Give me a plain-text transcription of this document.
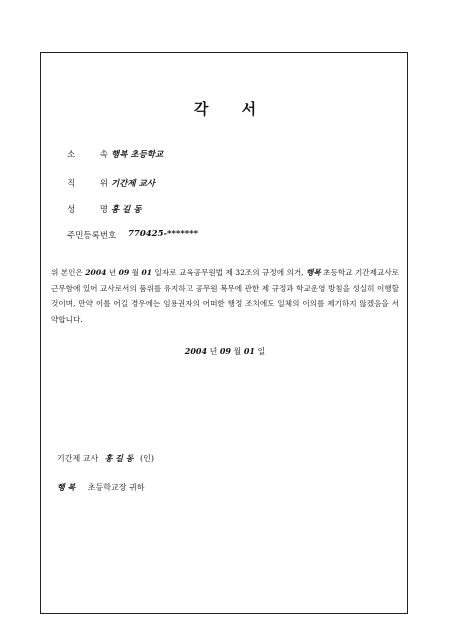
각 서
소 속 행복 초등학교
직 위 기간제 교사
성 명 홍 길 동
주민등록번호 770425-*******
위 본인은 2004 년 09 월 01 일자로 교육공무원법 제 32조의 규정에 의거, 행복 초등학교 기간제교사로 근무함에 있어 교사로서의 품위를 유지하고 공무원 복무에 관한 제 규정과 학교운영 방침을 성실히 이행할것이며, 만약 이를 어길 경우에는 임용권자의 어떠한 행정 조치에도 일체의 이의를 제기하지 않겠음을 서약합니다.
2004 년 09 월 01 일
기간제 교사 홍 길 동 (인)
행 복 초등학교장 귀하
